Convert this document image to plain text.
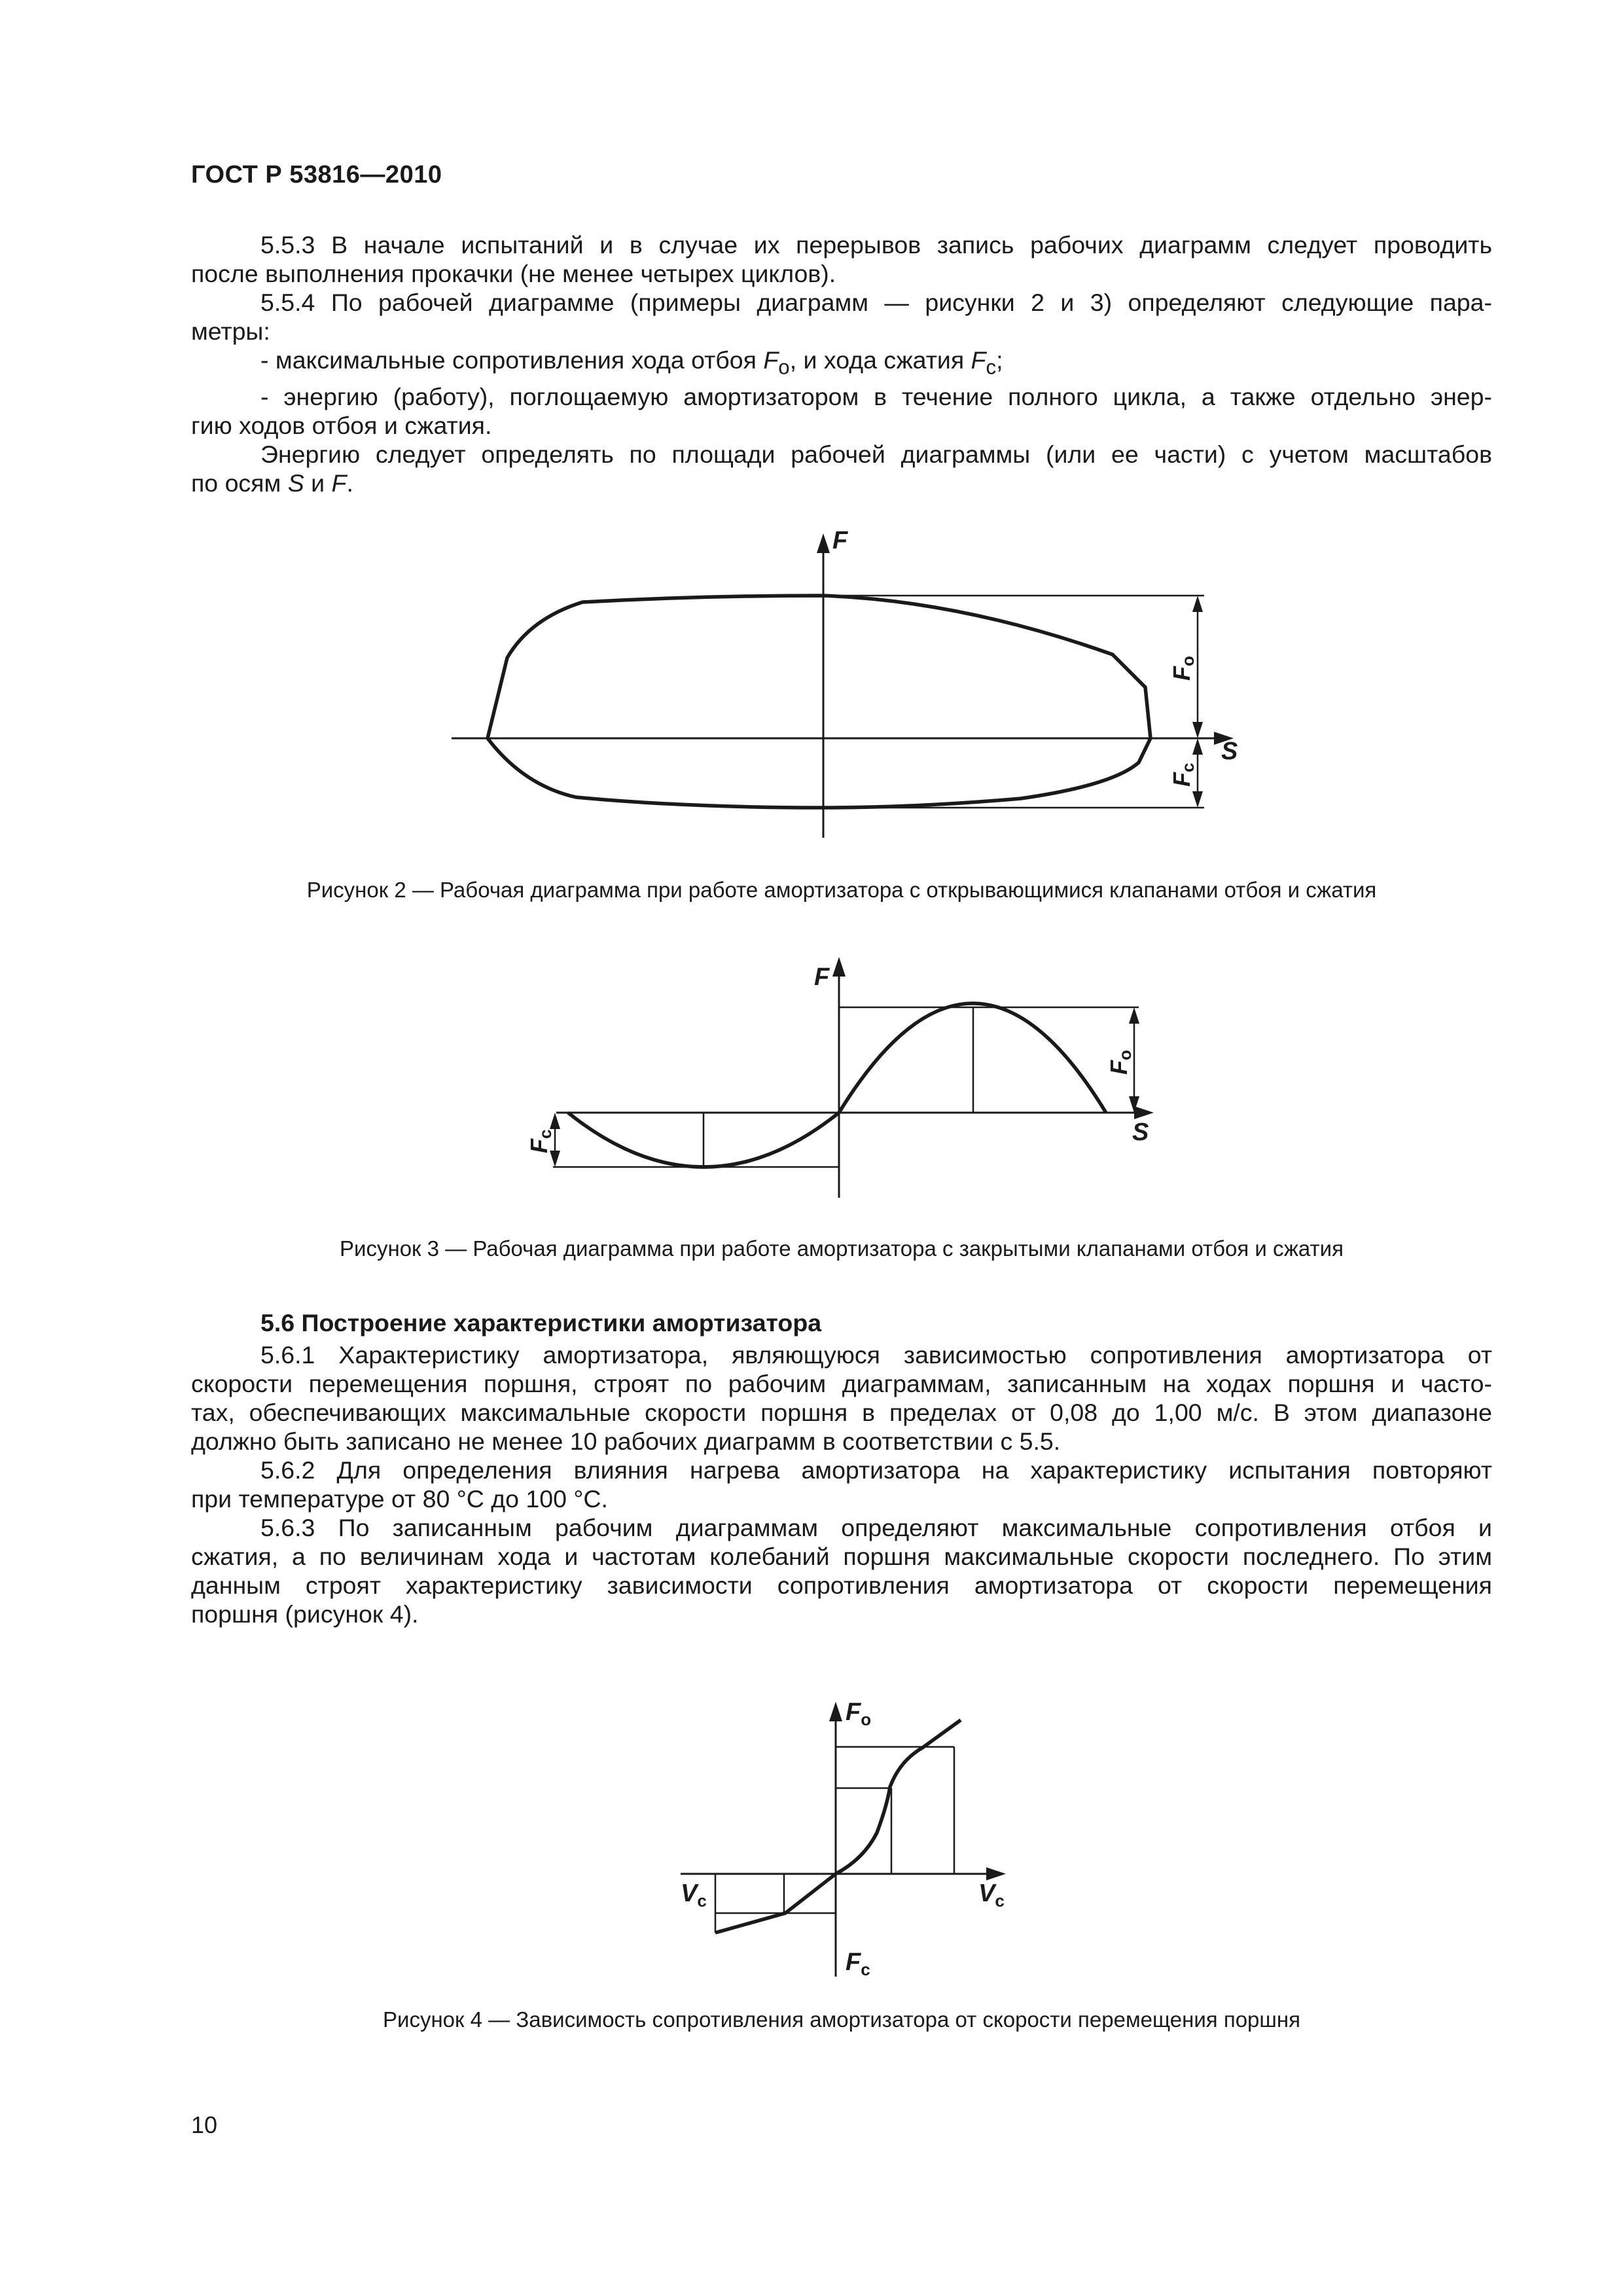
ГОСТ Р 53816—2010
5.5.3 В начале испытаний и в случае их перерывов запись рабочих диаграмм следует проводить
после выполнения прокачки (не менее четырех циклов).
5.5.4 По рабочей диаграмме (примеры диаграмм — рисунки 2 и 3) определяют следующие пара-
метры:
- максимальные сопротивления хода отбоя $F_о$, и хода сжатия $F_с$;
- энергию (работу), поглощаемую амортизатором в течение полного цикла, а также отдельно энер-
гию ходов отбоя и сжатия.
Энергию следует определять по площади рабочей диаграммы (или ее части) с учетом масштабов
по осям S и F.
F
S
Fо
Fс
Рисунок 2 — Рабочая диаграмма при работе амортизатора с открывающимися клапанами отбоя и сжатия
F
S
Fо
Fс
Рисунок 3 — Рабочая диаграмма при работе амортизатора с закрытыми клапанами отбоя и сжатия
5.6 Построение характеристики амортизатора
5.6.1 Характеристику амортизатора, являющуюся зависимостью сопротивления амортизатора от
скорости перемещения поршня, строят по рабочим диаграммам, записанным на ходах поршня и часто-
тах, обеспечивающих максимальные скорости поршня в пределах от 0,08 до 1,00 м/с. В этом диапазоне
должно быть записано не менее 10 рабочих диаграмм в соответствии с 5.5.
5.6.2 Для определения влияния нагрева амортизатора на характеристику испытания повторяют
при температуре от 80 °С до 100 °С.
5.6.3 По записанным рабочим диаграммам определяют максимальные сопротивления отбоя и
сжатия, а по величинам хода и частотам колебаний поршня максимальные скорости последнего. По этим
данным строят характеристику зависимости сопротивления амортизатора от скорости перемещения
поршня (рисунок 4).
$F_о$
$F_с$
$V_с$	$V_с$
Рисунок 4 — Зависимость сопротивления амортизатора от скорости перемещения поршня
10
